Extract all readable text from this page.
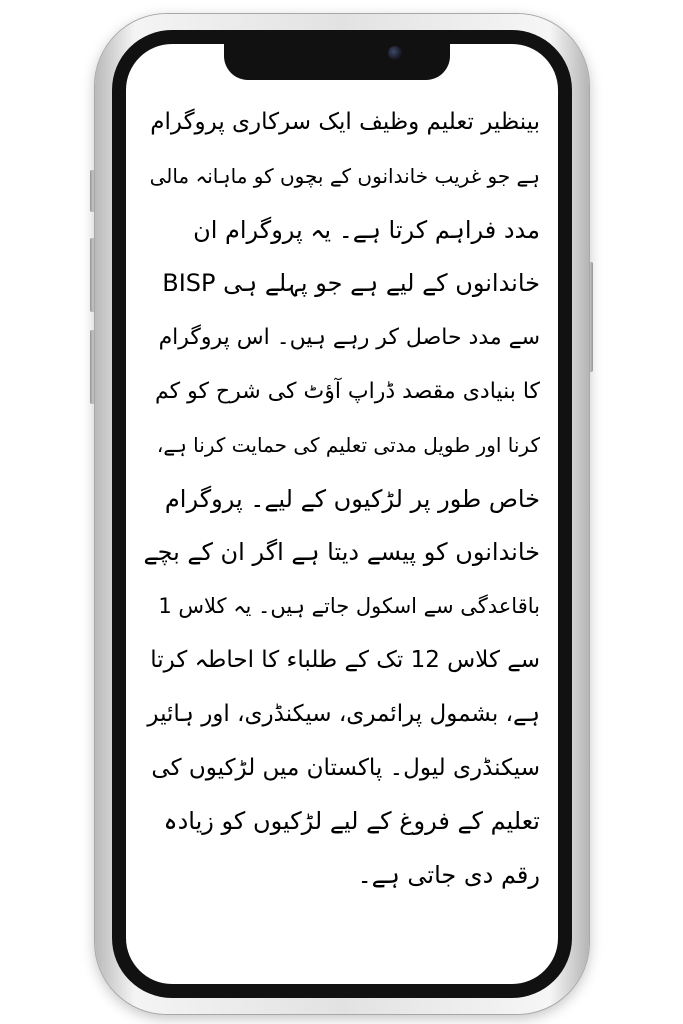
بینظیر تعلیم وظیف ایک سرکاری پروگرام
ہے جو غریب خاندانوں کے بچوں کو ماہانہ مالی
مدد فراہم کرتا ہے۔ یہ پروگرام ان
خاندانوں کے لیے ہے جو پہلے ہی BISP
سے مدد حاصل کر رہے ہیں۔ اس پروگرام
کا بنیادی مقصد ڈراپ آؤٹ کی شرح کو کم
کرنا اور طویل مدتی تعلیم کی حمایت کرنا ہے،
خاص طور پر لڑکیوں کے لیے۔ پروگرام
خاندانوں کو پیسے دیتا ہے اگر ان کے بچے
باقاعدگی سے اسکول جاتے ہیں۔ یہ کلاس 1
سے کلاس 12 تک کے طلباء کا احاطہ کرتا
ہے، بشمول پرائمری، سیکنڈری، اور ہائیر
سیکنڈری لیول۔ پاکستان میں لڑکیوں کی
تعلیم کے فروغ کے لیے لڑکیوں کو زیادہ
رقم دی جاتی ہے۔
